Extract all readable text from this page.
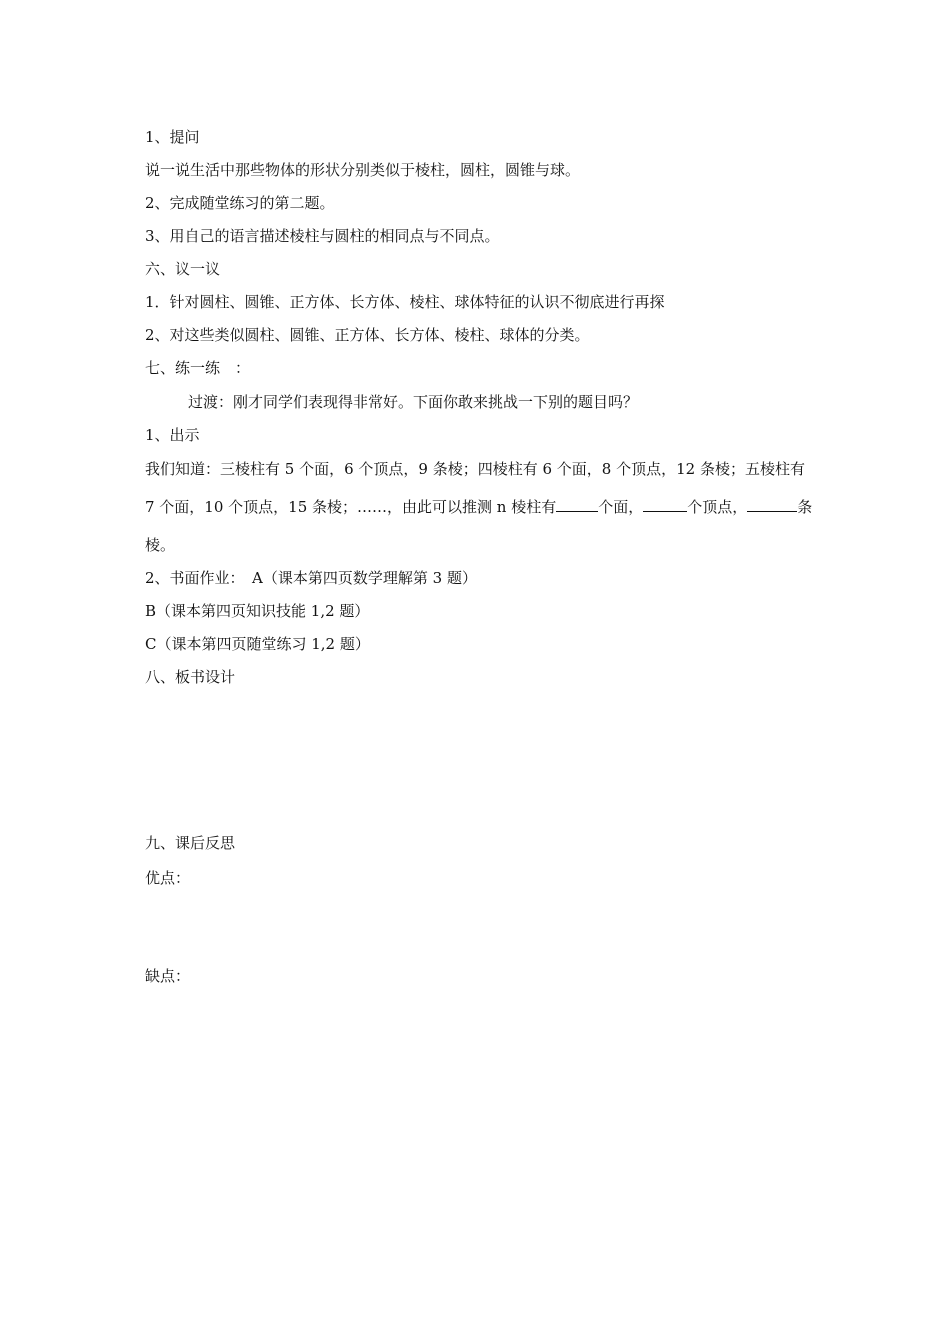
1、提问
说一说生活中那些物体的形状分别类似于棱柱，圆柱，圆锥与球。
2、完成随堂练习的第二题。
3、用自己的语言描述棱柱与圆柱的相同点与不同点。
六、议一议
1．针对圆柱、圆锥、正方体、长方体、棱柱、球体特征的认识不彻底进行再探
2、对这些类似圆柱、圆锥、正方体、长方体、棱柱、球体的分类。
七、练一练　：
过渡：刚才同学们表现得非常好。下面你敢来挑战一下别的题目吗？
1、出示
我们知道：三棱柱有 5 个面，6 个顶点，9 条棱；四棱柱有 6 个面，8 个顶点，12 条棱；五棱柱有
7 个面，10 个顶点，15 条棱；……，由此可以推测 n 棱柱有	个面，	个顶点，	条
棱。
2、书面作业：　A（课本第四页数学理解第 3 题）
B（课本第四页知识技能 1,2 题）
C（课本第四页随堂练习 1,2 题）
八、板书设计
九、课后反思
优点：
缺点：
